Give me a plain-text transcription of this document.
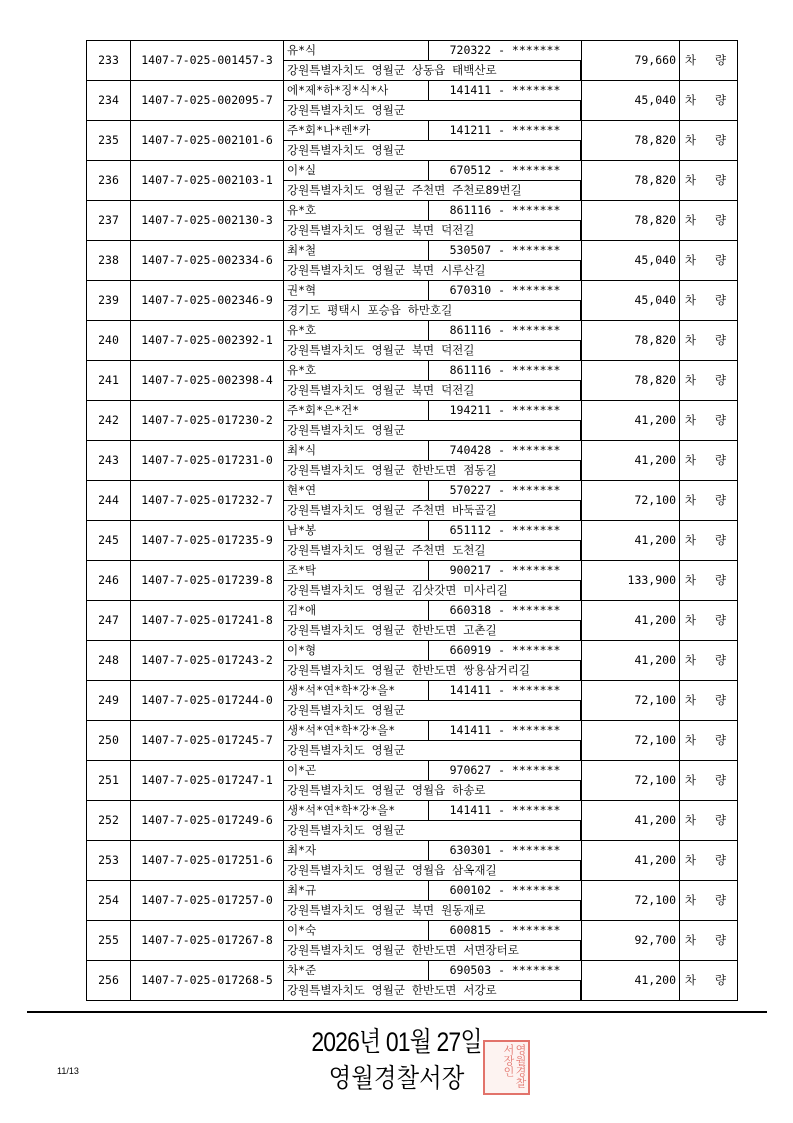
233	1407-7-025-001457-3	유*식 720322 - *******
강원특별자치도 영월군 상동읍 태백산로	79,660	차 량
234	1407-7-025-002095-7	에*제*하*징*식*사 141411 - *******
강원특별자치도 영월군	45,040	차 량
235	1407-7-025-002101-6	주*회*나*렌*카 141211 - *******
강원특별자치도 영월군	78,820	차 량
236	1407-7-025-002103-1	이*실 670512 - *******
강원특별자치도 영월군 주천면 주천로89번길	78,820	차 량
237	1407-7-025-002130-3	유*호 861116 - *******
강원특별자치도 영월군 북면 덕전길	78,820	차 량
238	1407-7-025-002334-6	최*철 530507 - *******
강원특별자치도 영월군 북면 시루산길	45,040	차 량
239	1407-7-025-002346-9	권*혁 670310 - *******
경기도 평택시 포승읍 하만호길	45,040	차 량
240	1407-7-025-002392-1	유*호 861116 - *******
강원특별자치도 영월군 북면 덕전길	78,820	차 량
241	1407-7-025-002398-4	유*호 861116 - *******
강원특별자치도 영월군 북면 덕전길	78,820	차 량
242	1407-7-025-017230-2	주*회*은*건* 194211 - *******
강원특별자치도 영월군	41,200	차 량
243	1407-7-025-017231-0	최*식 740428 - *******
강원특별자치도 영월군 한반도면 점동길	41,200	차 량
244	1407-7-025-017232-7	현*연 570227 - *******
강원특별자치도 영월군 주천면 바둑골길	72,100	차 량
245	1407-7-025-017235-9	남*봉 651112 - *******
강원특별자치도 영월군 주천면 도천길	41,200	차 량
246	1407-7-025-017239-8	조*탁 900217 - *******
강원특별자치도 영월군 김삿갓면 미사리길	133,900	차 량
247	1407-7-025-017241-8	김*애 660318 - *******
강원특별자치도 영월군 한반도면 고촌길	41,200	차 량
248	1407-7-025-017243-2	이*형 660919 - *******
강원특별자치도 영월군 한반도면 쌍용삼거리길	41,200	차 량
249	1407-7-025-017244-0	생*석*연*학*강*을* 141411 - *******
강원특별자치도 영월군	72,100	차 량
250	1407-7-025-017245-7	생*석*연*학*강*을* 141411 - *******
강원특별자치도 영월군	72,100	차 량
251	1407-7-025-017247-1	이*곤 970627 - *******
강원특별자치도 영월군 영월읍 하송로	72,100	차 량
252	1407-7-025-017249-6	생*석*연*학*강*을* 141411 - *******
강원특별자치도 영월군	41,200	차 량
253	1407-7-025-017251-6	최*자 630301 - *******
강원특별자치도 영월군 영월읍 삼옥재길	41,200	차 량
254	1407-7-025-017257-0	최*규 600102 - *******
강원특별자치도 영월군 북면 원동재로	72,100	차 량
255	1407-7-025-017267-8	이*숙 600815 - *******
강원특별자치도 영월군 한반도면 서면장터로	92,700	차 량
256	1407-7-025-017268-5	차*준 690503 - *******
강원특별자치도 영월군 한반도면 서강로	41,200	차 량
2026년 01월 27일
영월경찰서장
11/13	영월경찰서장인
